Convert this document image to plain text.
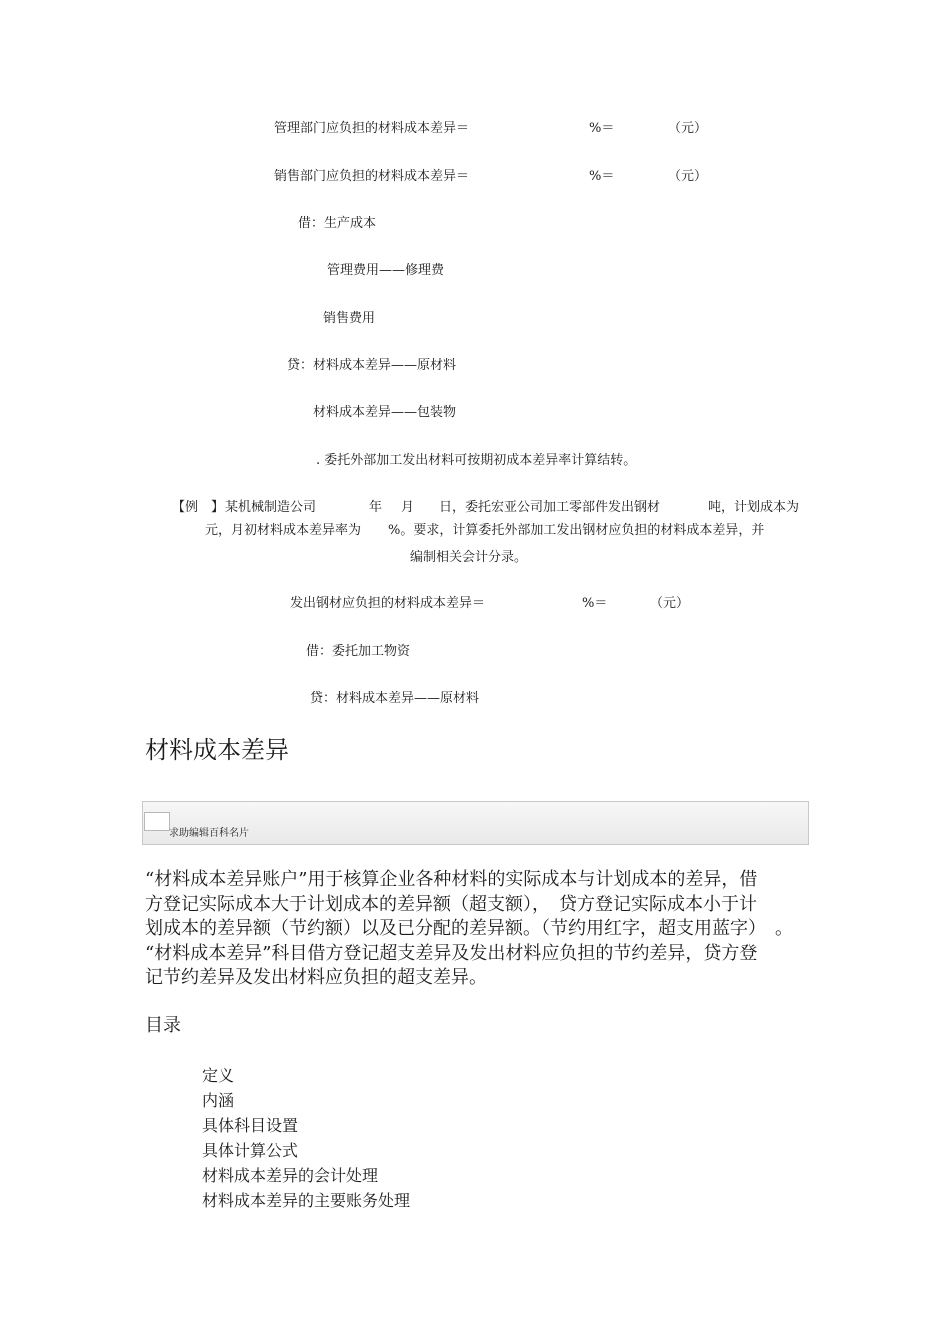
管理部门应负担的材料成本差异＝	%＝	（元）
销售部门应负担的材料成本差异＝	%＝	（元）
借：生产成本
管理费用——修理费
销售费用
贷：材料成本差异——原材料
材料成本差异——包装物
. 委托外部加工发出材料可按期初成本差异率计算结转。
【例　】 某机械制造公司	年 月 日，委托宏亚公司加工零部件发出钢材	吨，计划成本为
元，月初材料成本差异率为 %。要求，计算委托外部加工发出钢材应负担的材料成本差异，并
编制相关会计分录。
发出钢材应负担的材料成本差异＝	%＝	（元）
借：委托加工物资
贷：材料成本差异——原材料
材料成本差异
求助编辑百科名片
“材料成本差异账户”用于核算企业各种材料的实际成本与计划成本的差异，借
方登记实际成本大于计划成本的差异额（超支额），　贷方登记实际成本小于计
划成本的差异额（节约额）以及已分配的差异额。（节约用红字，超支用蓝字）　。
“材料成本差异”科目借方登记超支差异及发出材料应负担的节约差异，贷方登
记节约差异及发出材料应负担的超支差异。
目录
定义
内涵
具体科目设置
具体计算公式
材料成本差异的会计处理
材料成本差异的主要账务处理
